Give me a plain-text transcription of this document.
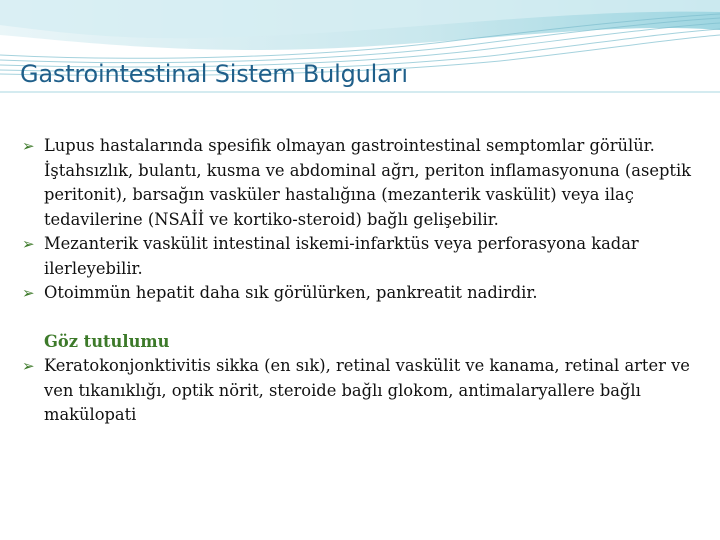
Gastrointestinal Sistem Bulguları

➢ Lupus hastalarında spesifik olmayan gastrointestinal semptomlar görülür. İştahsızlık, bulantı, kusma ve abdominal ağrı, periton inflamasyonuna (aseptik peritonit), barsağın vasküler hastalığına (mezanterik vaskülit) veya ilaç tedavilerine (NSAİİ ve kortiko-steroid) bağlı gelişebilir.

➢ Mezanterik vaskülit intestinal iskemi-infarktüs veya perforasyona kadar ilerleyebilir.

➢ Otoimmün hepatit daha sık görülürken, pankreatit nadirdir.

Göz tutulumu

➢ Keratokonjonktivitis sikka (en sık), retinal vaskülit ve kanama, retinal arter ve ven tıkanıklığı, optik nörit, steroide bağlı glokom, antimalaryallere bağlı makülopati
